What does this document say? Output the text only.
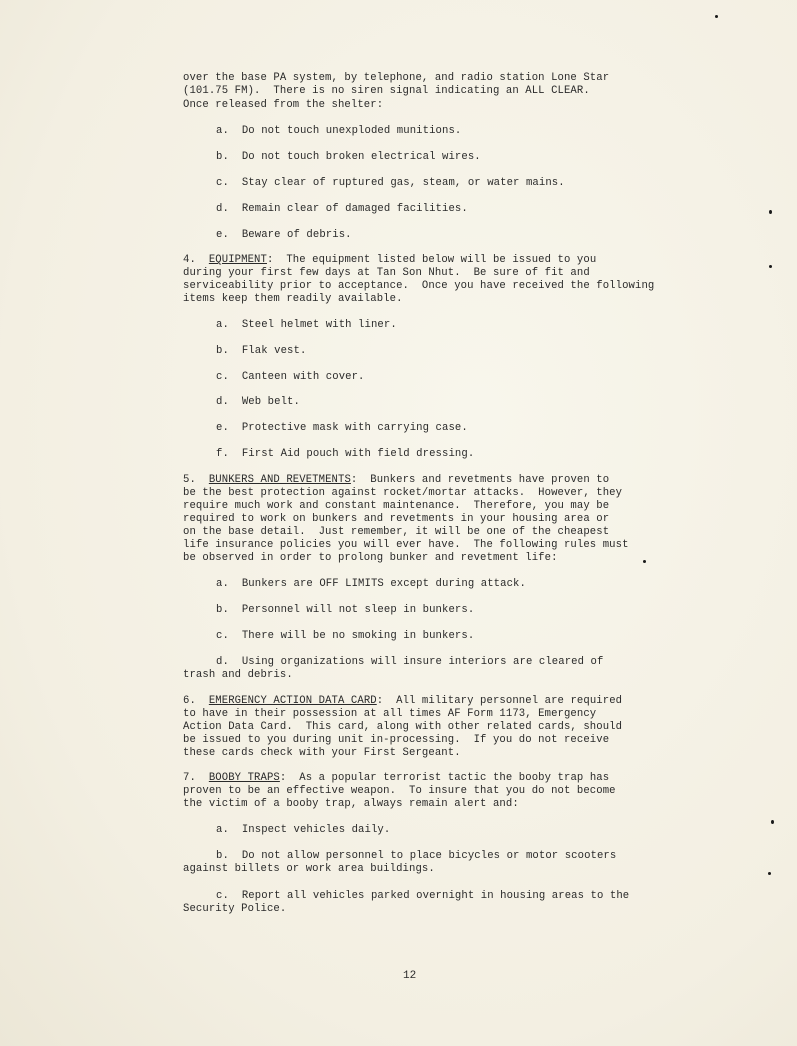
over the base PA system, by telephone, and radio station Lone Star
(101.75 FM).  There is no siren signal indicating an ALL CLEAR.
Once released from the shelter:
a.  Do not touch unexploded munitions.
b.  Do not touch broken electrical wires.
c.  Stay clear of ruptured gas, steam, or water mains.
d.  Remain clear of damaged facilities.
e.  Beware of debris.
4. EQUIPMENT:  The equipment listed below will be issued to you
during your first few days at Tan Son Nhut.  Be sure of fit and
serviceability prior to acceptance.  Once you have received the following
items keep them readily available.
a.  Steel helmet with liner.
b.  Flak vest.
c.  Canteen with cover.
d.  Web belt.
e.  Protective mask with carrying case.
f.  First Aid pouch with field dressing.
5. BUNKERS AND REVETMENTS:  Bunkers and revetments have proven to
be the best protection against rocket/mortar attacks.  However, they
require much work and constant maintenance.  Therefore, you may be
required to work on bunkers and revetments in your housing area or
on the base detail.  Just remember, it will be one of the cheapest
life insurance policies you will ever have.  The following rules must
be observed in order to prolong bunker and revetment life:
a.  Bunkers are OFF LIMITS except during attack.
b.  Personnel will not sleep in bunkers.
c.  There will be no smoking in bunkers.
d.  Using organizations will insure interiors are cleared of
trash and debris.
6. EMERGENCY ACTION DATA CARD:  All military personnel are required
to have in their possession at all times AF Form 1173, Emergency
Action Data Card.  This card, along with other related cards, should
be issued to you during unit in-processing.  If you do not receive
these cards check with your First Sergeant.
7. BOOBY TRAPS:  As a popular terrorist tactic the booby trap has
proven to be an effective weapon.  To insure that you do not become
the victim of a booby trap, always remain alert and:
a.  Inspect vehicles daily.
b.  Do not allow personnel to place bicycles or motor scooters
against billets or work area buildings.
c.  Report all vehicles parked overnight in housing areas to the
Security Police.
12
